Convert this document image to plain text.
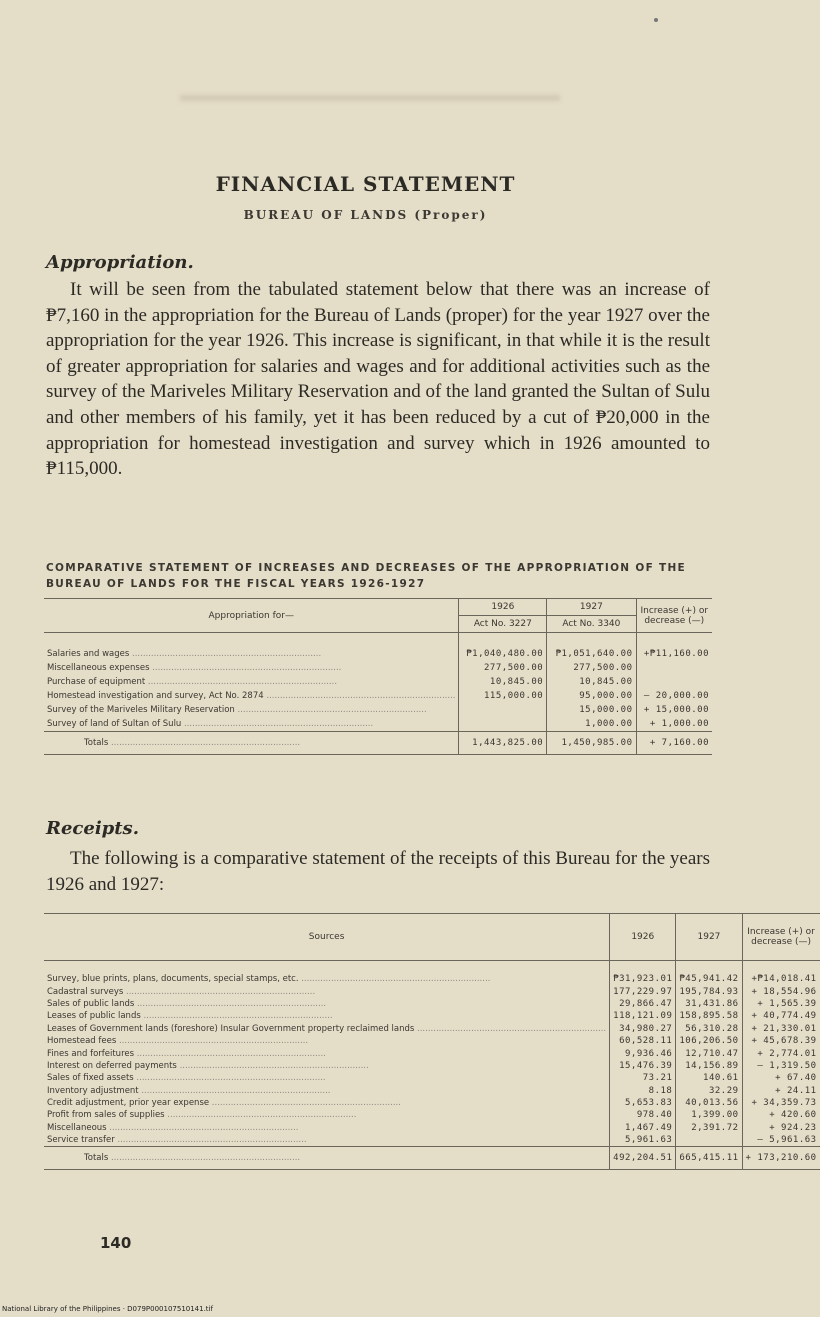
FINANCIAL STATEMENT
BUREAU OF LANDS (Proper)
Appropriation.

It will be seen from the tabulated statement below that there was an increase of ₱7,160 in the appropriation for the Bureau of Lands (proper) for the year 1927 over the appropriation for the year 1926. This increase is significant, in that while it is the result of greater appropriation for salaries and wages and for additional activities such as the survey of the Mariveles Military Reservation and of the land granted the Sultan of Sulu and other members of his family, yet it has been reduced by a cut of ₱20,000 in the appropriation for homestead investigation and survey which in 1926 amounted to ₱115,000.

COMPARATIVE STATEMENT OF INCREASES AND DECREASES OF THE APPROPRIATION OF THE BUREAU OF LANDS FOR THE FISCAL YEARS 1926-1927
Appropriation for—	1926	1927	Increase (+) or decrease (—)
	Act No. 3227	Act No. 3340	
Salaries and wages .....	₱1,040,480.00	₱1,051,640.00	+₱11,160.00
Miscellaneous expenses .....	277,500.00	277,500.00	
Purchase of equipment .....	10,845.00	10,845.00	
Homestead investigation and survey, Act No. 2874 .....	115,000.00	95,000.00	— 20,000.00
Survey of the Mariveles Military Reservation .....		15,000.00	+ 15,000.00
Survey of land of Sultan of Sulu .....		1,000.00	+ 1,000.00
Totals .....	1,443,825.00	1,450,985.00	+ 7,160.00
Receipts.

The following is a comparative statement of the receipts of this Bureau for the years 1926 and 1927:

Sources	1926	1927	Increase (+) or decrease (—)
Survey, blue prints, plans, documents, special stamps, etc. .....	₱31,923.01	₱45,941.42	+₱14,018.41
Cadastral surveys .....	177,229.97	195,784.93	+ 18,554.96
Sales of public lands .....	29,866.47	31,431.86	+ 1,565.39
Leases of public lands .....	118,121.09	158,895.58	+ 40,774.49
Leases of Government lands (foreshore) Insular Government property reclaimed lands .....	34,980.27	56,310.28	+ 21,330.01
Homestead fees .....	60,528.11	106,206.50	+ 45,678.39
Fines and forfeitures .....	9,936.46	12,710.47	+ 2,774.01
Interest on deferred payments .....	15,476.39	14,156.89	— 1,319.50
Sales of fixed assets .....	73.21	140.61	+ 67.40
Inventory adjustment .....	8.18	32.29	+ 24.11
Credit adjustment, prior year expense .....	5,653.83	40,013.56	+ 34,359.73
Profit from sales of supplies .....	978.40	1,399.00	+ 420.60
Miscellaneous .....	1,467.49	2,391.72	+ 924.23
Service transfer .....	5,961.63		— 5,961.63
Totals .....	492,204.51	665,415.11	+ 173,210.60
140
National Library of the Philippines · D079P000107510141.tif
